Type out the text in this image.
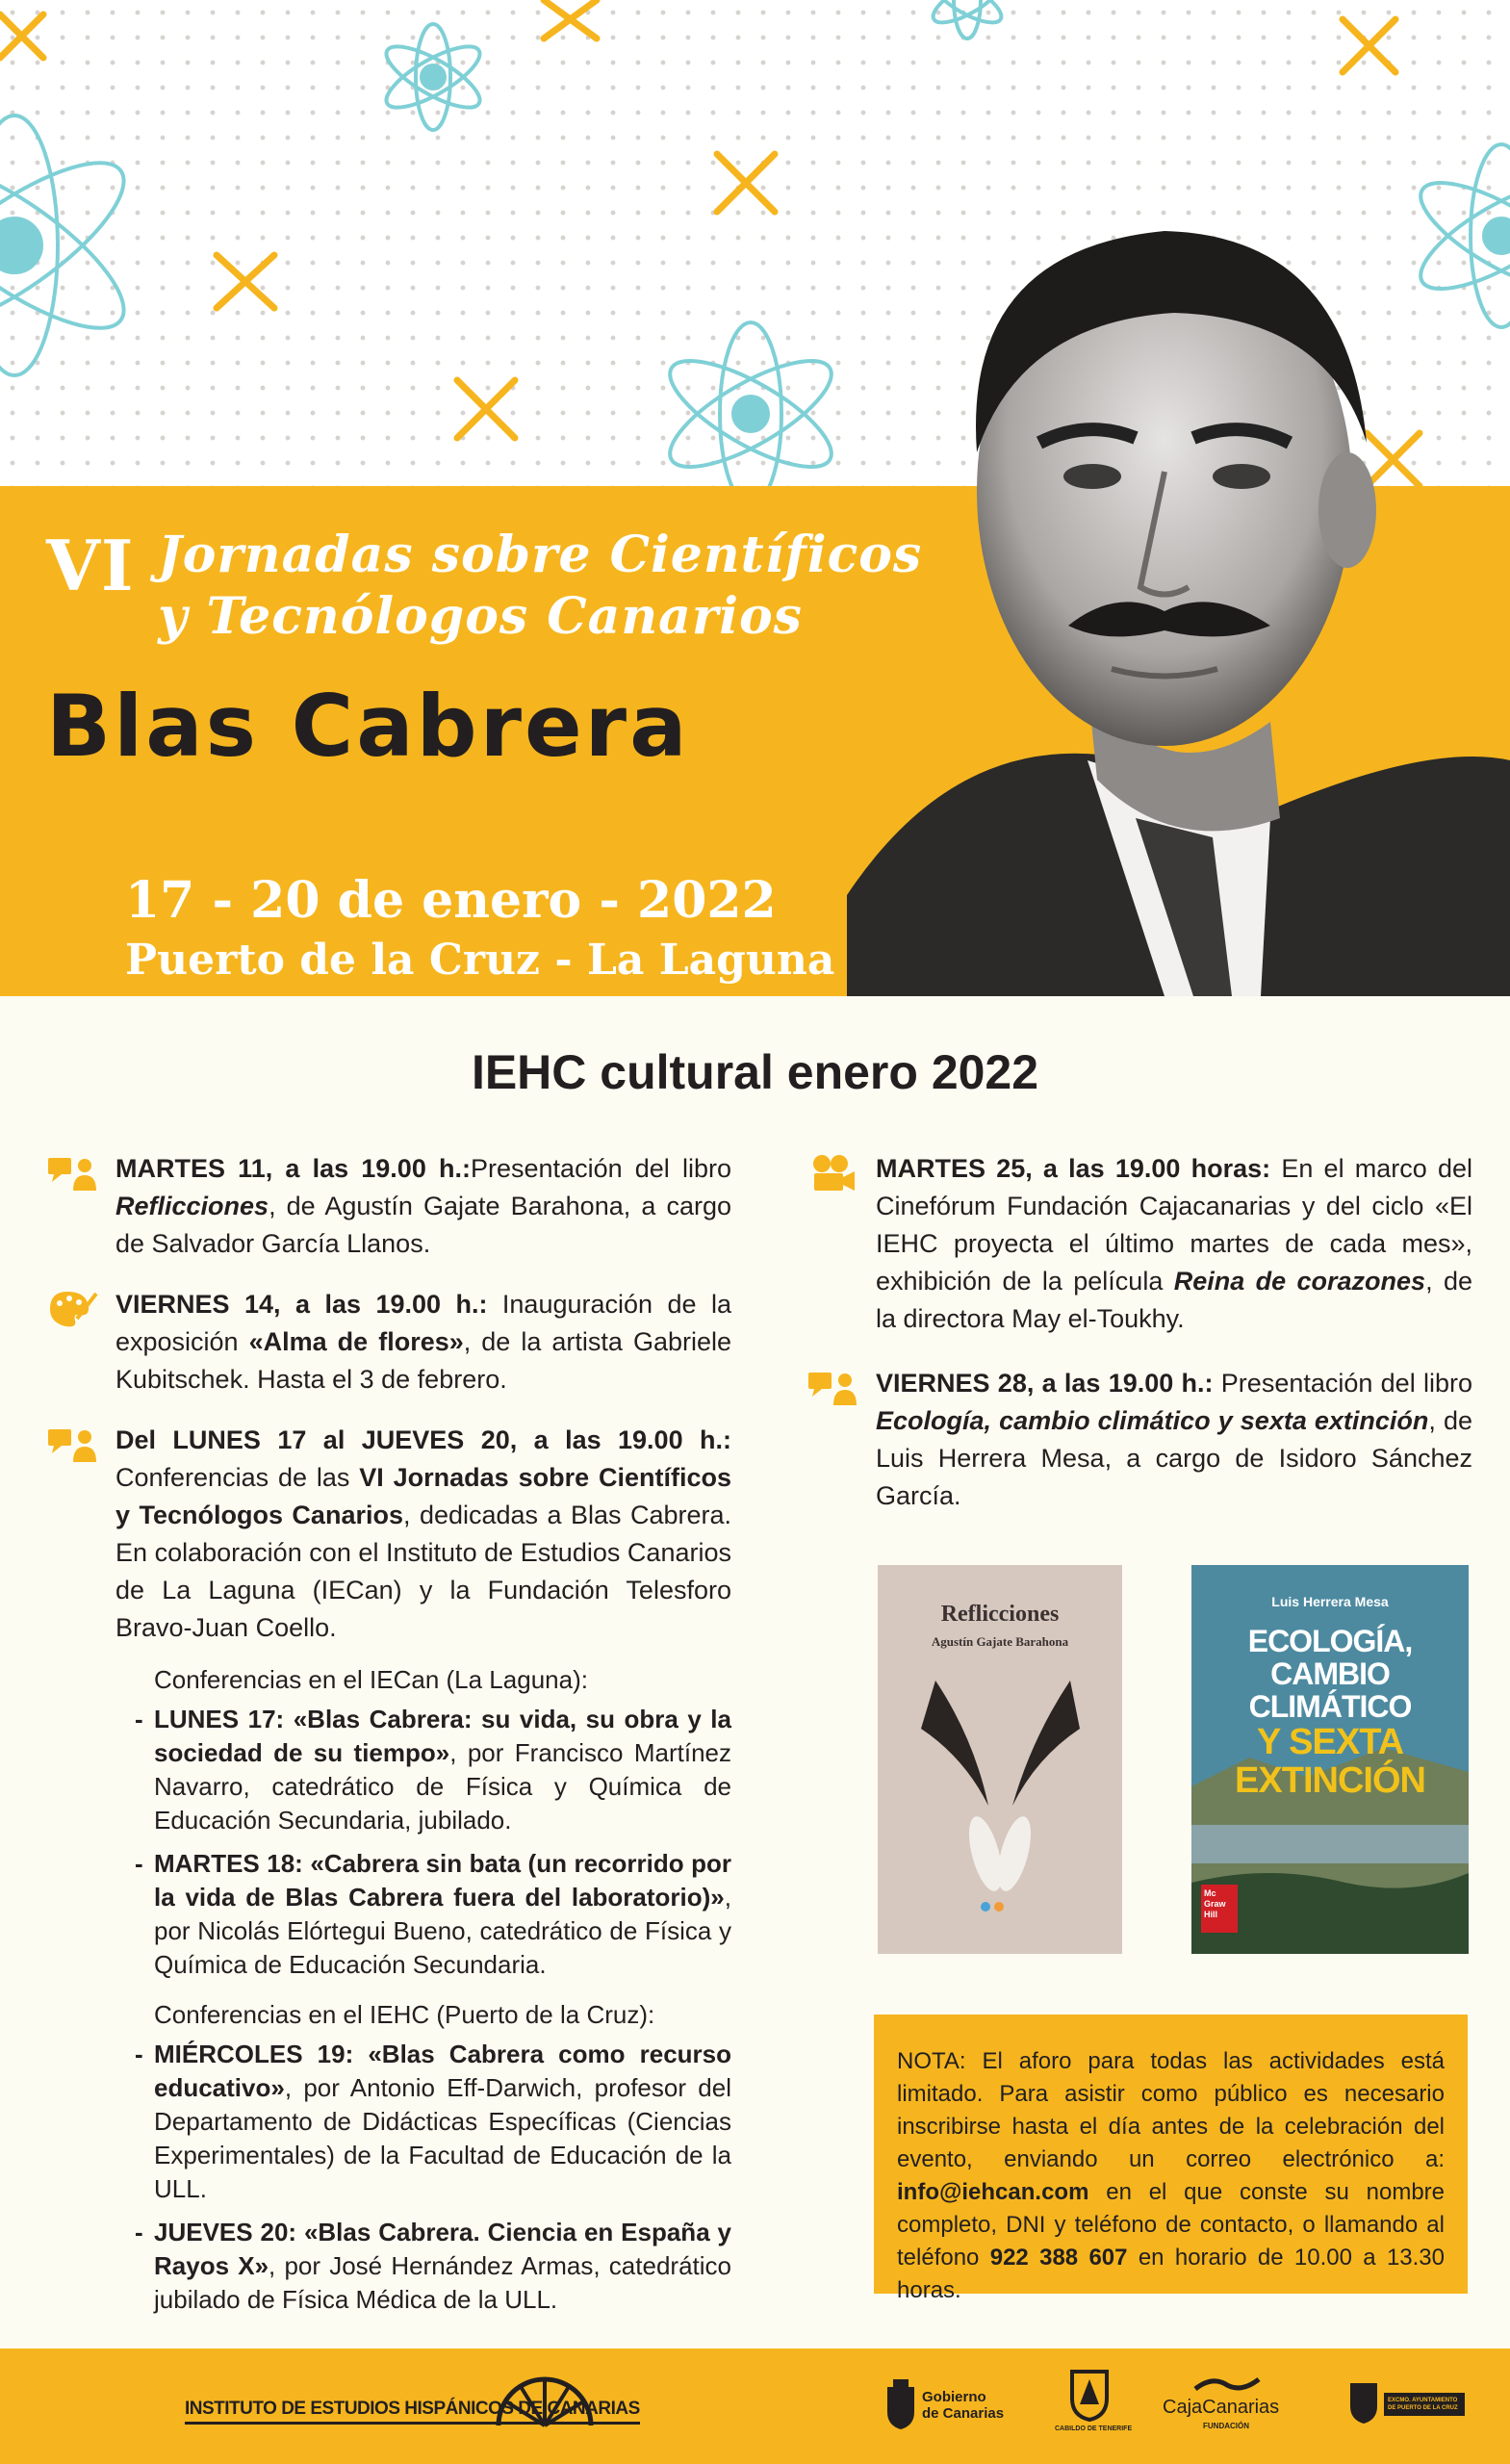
VI Jornadas sobre Científicos
y Tecnólogos Canarios
Blas Cabrera
17 - 20 de enero - 2022
Puerto de la Cruz - La Laguna
IEHC cultural enero 2022
MARTES 11, a las 19.00 h.:Presentación del libro Reflicciones, de Agustín Gajate Barahona, a cargo de Salvador García Llanos.
VIERNES 14, a las 19.00 h.: Inauguración de la exposición «Alma de flores», de la artista Gabriele Kubitschek. Hasta el 3 de febrero.
Del LUNES 17 al JUEVES 20, a las 19.00 h.: Conferencias de las VI Jornadas sobre Científicos y Tecnólogos Canarios, dedicadas a Blas Cabrera. En colaboración con el Instituto de Estudios Canarios de La Laguna (IECan) y la Fundación Telesforo Bravo-Juan Coello.
Conferencias en el IECan (La Laguna):
- LUNES 17: «Blas Cabrera: su vida, su obra y la sociedad de su tiempo», por Francisco Martínez Navarro, catedrático de Física y Química de Educación Secundaria, jubilado.
- MARTES 18: «Cabrera sin bata (un recorrido por la vida de Blas Cabrera fuera del laboratorio)», por Nicolás Elórtegui Bueno, catedrático de Física y Química de Educación Secundaria.
Conferencias en el IEHC (Puerto de la Cruz):
- MIÉRCOLES 19: «Blas Cabrera como recurso educativo», por Antonio Eff-Darwich, profesor del Departamento de Didácticas Específicas (Ciencias Experimentales) de la Facultad de Educación de la ULL.
- JUEVES 20: «Blas Cabrera. Ciencia en España y Rayos X», por José Hernández Armas, catedrático jubilado de Física Médica de la ULL.
MARTES 25, a las 19.00 horas: En el marco del Cinefórum Fundación Cajacanarias y del ciclo «El IEHC proyecta el último martes de cada mes», exhibición de la película Reina de corazones, de la directora May el-Toukhy.
VIERNES 28, a las 19.00 h.: Presentación del libro Ecología, cambio climático y sexta extinción, de Luis Herrera Mesa, a cargo de Isidoro Sánchez García.
Reflicciones
Agustín Gajate Barahona
Luis Herrera Mesa
ECOLOGÍA,
CAMBIO
CLIMÁTICO
Y SEXTA
EXTINCIÓN
Mc Graw Hill
NOTA: El aforo para todas las actividades está limitado. Para asistir como público es necesario inscribirse hasta el día antes de la celebración del evento, enviando un correo electrónico a: info@iehcan.com en el que conste su nombre completo, DNI y teléfono de contacto, o llamando al teléfono 922 388 607 en horario de 10.00 a 13.30 horas.
INSTITUTO DE ESTUDIOS HISPÁNICOS DE CANARIAS
Gobierno
de Canarias
CABILDO DE TENERIFE
CajaCanarias
FUNDACIÓN
EXCMO. AYUNTAMIENTO DE PUERTO DE LA CRUZ
